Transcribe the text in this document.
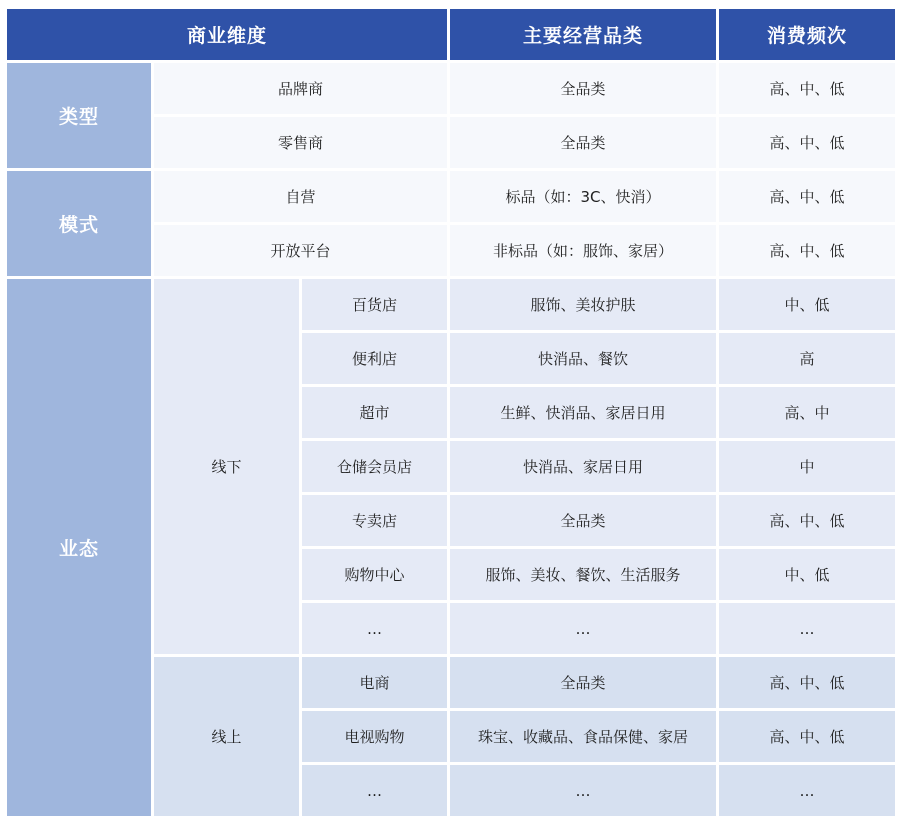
商业维度			主要经营品类	消费频次
类型	品牌商		全品类	高、中、低
	零售商		全品类	高、中、低
模式	自营		标品（如：3C、快消）	高、中、低
	开放平台		非标品（如：服饰、家居）	高、中、低
业态	线下	百货店	服饰、美妆护肤	中、低
		便利店	快消品、餐饮	高
		超市	生鲜、快消品、家居日用	高、中
		仓储会员店	快消品、家居日用	中
		专卖店	全品类	高、中、低
		购物中心	服饰、美妆、餐饮、生活服务	中、低
		…	…	…
	线上	电商	全品类	高、中、低
		电视购物	珠宝、收藏品、食品保健、家居	高、中、低
		…	…	…
